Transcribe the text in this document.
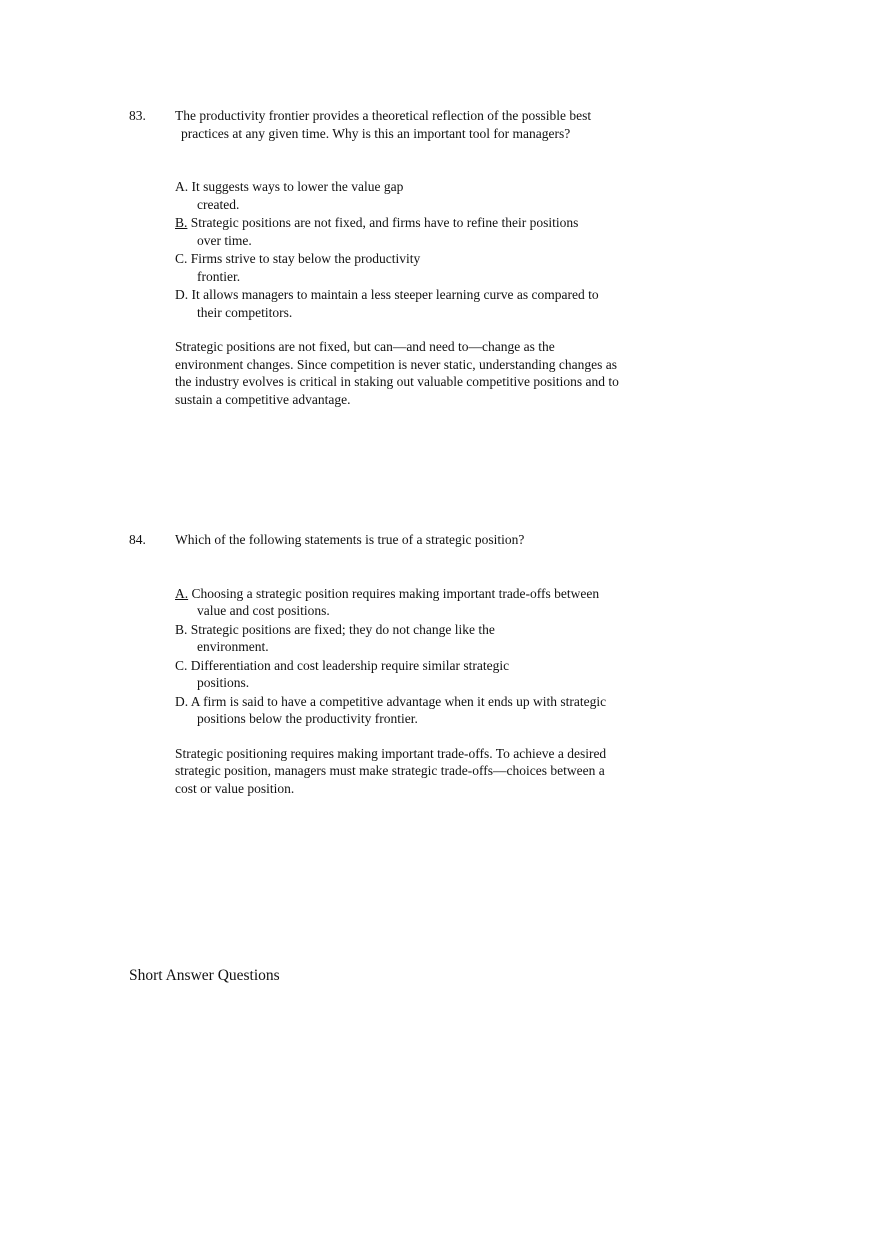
83. The productivity frontier provides a theoretical reflection of the possible best
practices at any given time. Why is this an important tool for managers?
A. It suggests ways to lower the value gap
created.
B. Strategic positions are not fixed, and firms have to refine their positions
over time.
C. Firms strive to stay below the productivity
frontier.
D. It allows managers to maintain a less steeper learning curve as compared to
their competitors.
Strategic positions are not fixed, but can—and need to—change as the
environment changes. Since competition is never static, understanding changes as
the industry evolves is critical in staking out valuable competitive positions and to
sustain a competitive advantage.
84. Which of the following statements is true of a strategic position?
A. Choosing a strategic position requires making important trade-offs between
value and cost positions.
B. Strategic positions are fixed; they do not change like the
environment.
C. Differentiation and cost leadership require similar strategic
positions.
D. A firm is said to have a competitive advantage when it ends up with strategic
positions below the productivity frontier.
Strategic positioning requires making important trade-offs. To achieve a desired
strategic position, managers must make strategic trade-offs—choices between a
cost or value position.
Short Answer Questions
